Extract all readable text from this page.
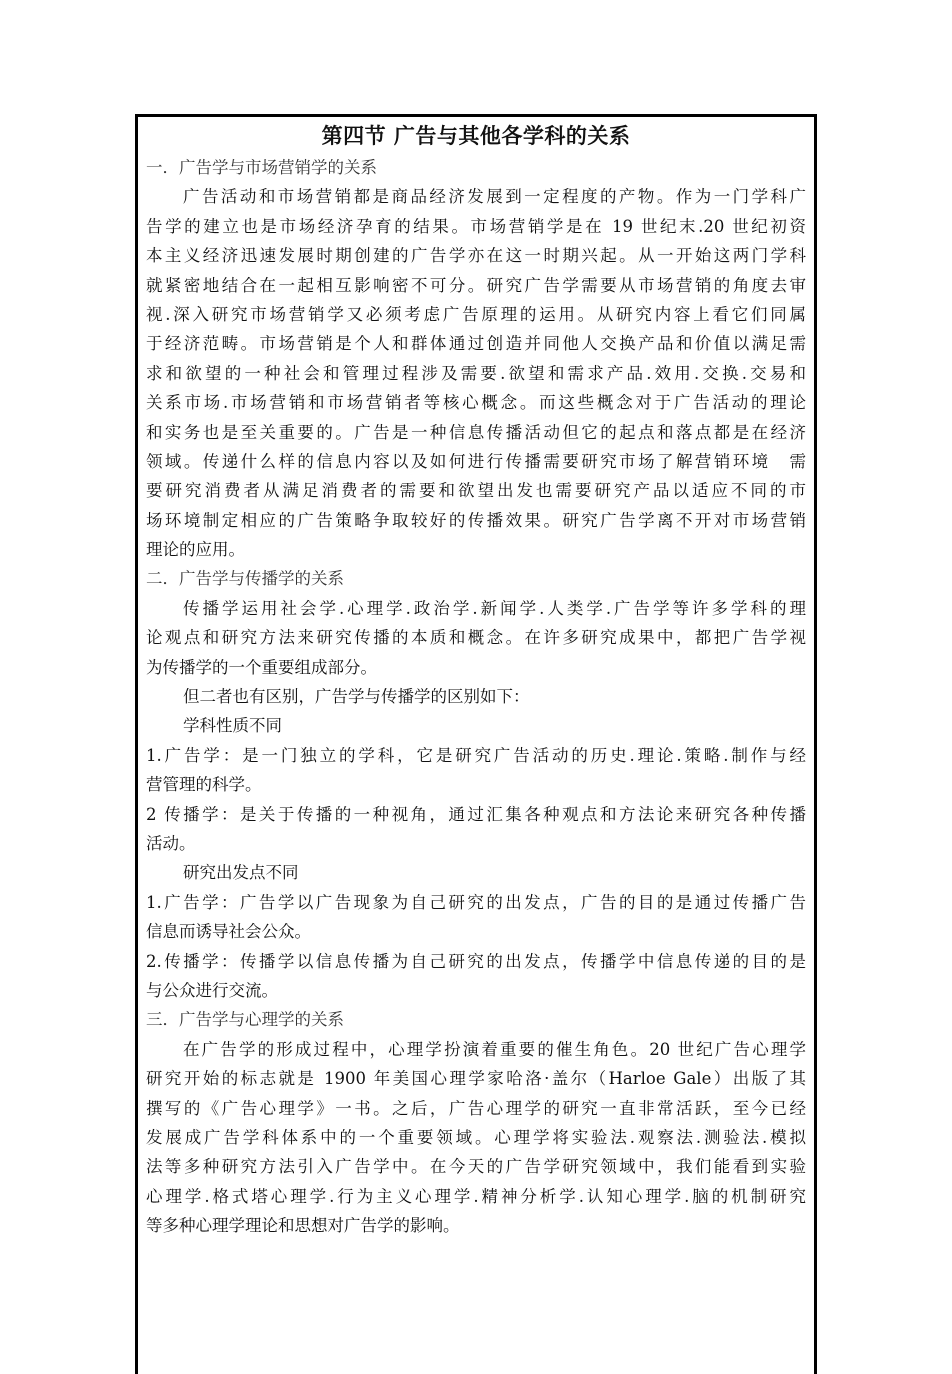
第四节 广告与其他各学科的关系
一．广告学与市场营销学的关系
广告活动和市场营销都是商品经济发展到一定程度的产物。作为一门学科广
告学的建立也是市场经济孕育的结果。市场营销学是在 19 世纪末.20 世纪初资
本主义经济迅速发展时期创建的广告学亦在这一时期兴起。从一开始这两门学科
就紧密地结合在一起相互影响密不可分。研究广告学需要从市场营销的角度去审
视.深入研究市场营销学又必须考虑广告原理的运用。从研究内容上看它们同属
于经济范畴。市场营销是个人和群体通过创造并同他人交换产品和价值以满足需
求和欲望的一种社会和管理过程涉及需要.欲望和需求产品.效用.交换.交易和
关系市场.市场营销和市场营销者等核心概念。而这些概念对于广告活动的理论
和实务也是至关重要的。广告是一种信息传播活动但它的起点和落点都是在经济
领域。传递什么样的信息内容以及如何进行传播需要研究市场了解营销环境　需
要研究消费者从满足消费者的需要和欲望出发也需要研究产品以适应不同的市
场环境制定相应的广告策略争取较好的传播效果。研究广告学离不开对市场营销
理论的应用。
二．广告学与传播学的关系
传播学运用社会学.心理学.政治学.新闻学.人类学.广告学等许多学科的理
论观点和研究方法来研究传播的本质和概念。在许多研究成果中，都把广告学视
为传播学的一个重要组成部分。
但二者也有区别，广告学与传播学的区别如下：
学科性质不同
1.广告学：是一门独立的学科，它是研究广告活动的历史.理论.策略.制作与经
营管理的科学。
2 传播学：是关于传播的一种视角，通过汇集各种观点和方法论来研究各种传播
活动。
研究出发点不同
1.广告学：广告学以广告现象为自己研究的出发点，广告的目的是通过传播广告
信息而诱导社会公众。
2.传播学：传播学以信息传播为自己研究的出发点，传播学中信息传递的目的是
与公众进行交流。
三．广告学与心理学的关系
在广告学的形成过程中，心理学扮演着重要的催生角色。20 世纪广告心理学
研究开始的标志就是 1900 年美国心理学家哈洛·盖尔（Harloe Gale）出版了其
撰写的《广告心理学》一书。之后，广告心理学的研究一直非常活跃，至今已经
发展成广告学科体系中的一个重要领域。心理学将实验法.观察法.测验法.模拟
法等多种研究方法引入广告学中。在今天的广告学研究领域中，我们能看到实验
心理学.格式塔心理学.行为主义心理学.精神分析学.认知心理学.脑的机制研究
等多种心理学理论和思想对广告学的影响。
